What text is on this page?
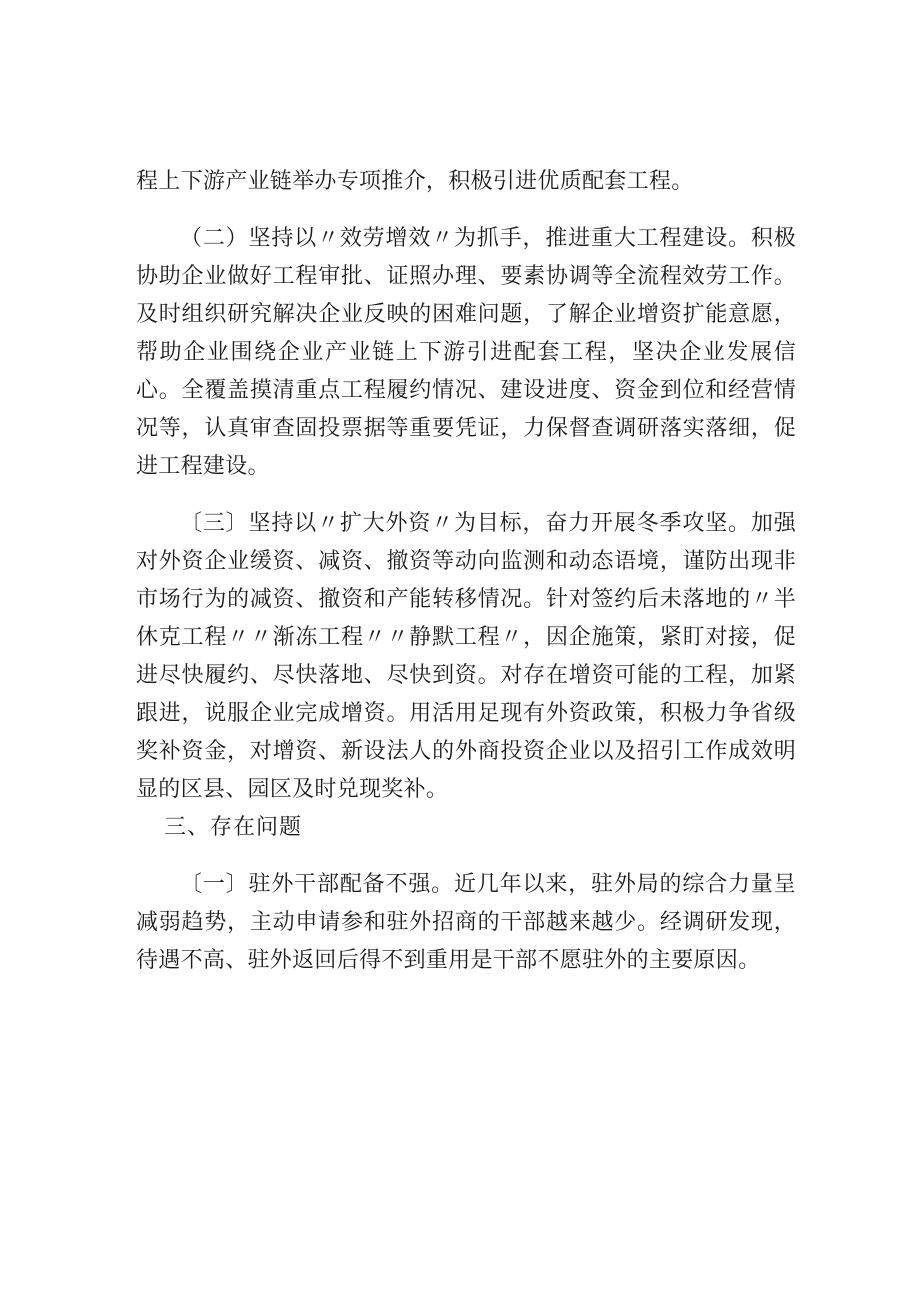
程上下游产业链举办专项推介，积极引进优质配套工程。

（二）坚持以〃效劳增效〃为抓手，推进重大工程建设。积极协助企业做好工程审批、证照办理、要素协调等全流程效劳工作。及时组织研究解决企业反映的困难问题，了解企业增资扩能意愿，帮助企业围绕企业产业链上下游引进配套工程，坚决企业发展信心。全覆盖摸清重点工程履约情况、建设进度、资金到位和经营情况等，认真审查固投票据等重要凭证，力保督查调研落实落细，促进工程建设。

〔三〕坚持以〃扩大外资〃为目标，奋力开展冬季攻坚。加强对外资企业缓资、减资、撤资等动向监测和动态语境，谨防出现非市场行为的减资、撤资和产能转移情况。针对签约后未落地的〃半休克工程〃〃渐冻工程〃〃静默工程〃，因企施策，紧盯对接，促进尽快履约、尽快落地、尽快到资。对存在增资可能的工程，加紧跟进，说服企业完成增资。用活用足现有外资政策，积极力争省级奖补资金，对增资、新设法人的外商投资企业以及招引工作成效明显的区县、园区及时兑现奖补。

三、存在问题

〔一〕驻外干部配备不强。近几年以来，驻外局的综合力量呈减弱趋势，主动申请参和驻外招商的干部越来越少。经调研发现，待遇不高、驻外返回后得不到重用是干部不愿驻外的主要原因。
